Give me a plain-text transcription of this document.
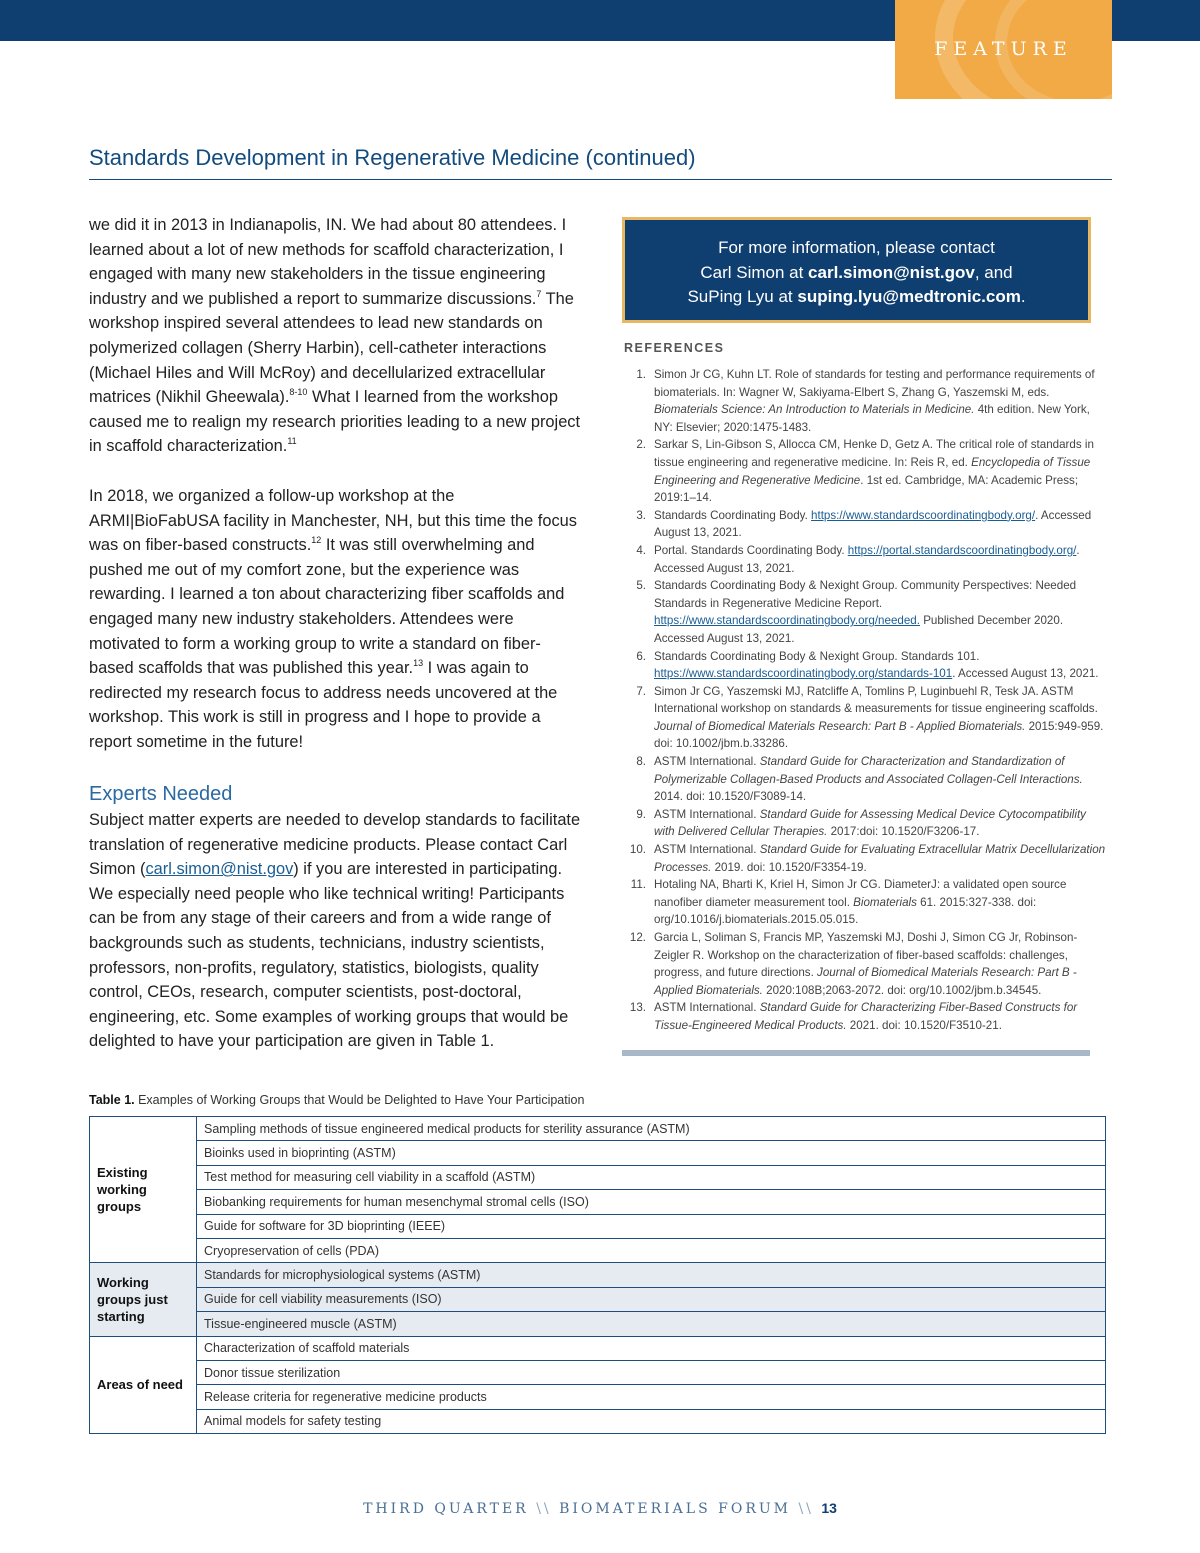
FEATURE
Standards Development in Regenerative Medicine (continued)
we did it in 2013 in Indianapolis, IN. We had about 80 attendees. I learned about a lot of new methods for scaffold characterization, I engaged with many new stakeholders in the tissue engineering industry and we published a report to summarize discussions.$^7$ The workshop inspired several attendees to lead new standards on polymerized collagen (Sherry Harbin), cell-catheter interactions (Michael Hiles and Will McRoy) and decellularized extracellular matrices (Nikhil Gheewala).$^{8-10}$ What I learned from the workshop caused me to realign my research priorities leading to a new project in scaffold characterization.$^{11}$
In 2018, we organized a follow-up workshop at the ARMI|BioFabUSA facility in Manchester, NH, but this time the focus was on fiber-based constructs.$^{12}$ It was still overwhelming and pushed me out of my comfort zone, but the experience was rewarding. I learned a ton about characterizing fiber scaffolds and engaged many new industry stakeholders. Attendees were motivated to form a working group to write a standard on fiber-based scaffolds that was published this year.$^{13}$ I was again to redirected my research focus to address needs uncovered at the workshop. This work is still in progress and I hope to provide a report sometime in the future!
Experts Needed
Subject matter experts are needed to develop standards to facilitate translation of regenerative medicine products. Please contact Carl Simon (carl.simon@nist.gov) if you are interested in participating. We especially need people who like technical writing! Participants can be from any stage of their careers and from a wide range of backgrounds such as students, technicians, industry scientists, professors, non-profits, regulatory, statistics, biologists, quality control, CEOs, research, computer scientists, post-doctoral, engineering, etc. Some examples of working groups that would be delighted to have your participation are given in Table 1.
For more information, please contact
Carl Simon at carl.simon@nist.gov, and
SuPing Lyu at suping.lyu@medtronic.com.
REFERENCES
1. Simon Jr CG, Kuhn LT. Role of standards for testing and performance requirements of biomaterials. In: Wagner W, Sakiyama-Elbert S, Zhang G, Yaszemski M, eds. Biomaterials Science: An Introduction to Materials in Medicine. 4th edition. New York, NY: Elsevier; 2020:1475-1483.
2. Sarkar S, Lin-Gibson S, Allocca CM, Henke D, Getz A. The critical role of standards in tissue engineering and regenerative medicine. In: Reis R, ed. Encyclopedia of Tissue Engineering and Regenerative Medicine. 1st ed. Cambridge, MA: Academic Press; 2019:1–14.
3. Standards Coordinating Body. https://www.standardscoordinatingbody.org/. Accessed August 13, 2021.
4. Portal. Standards Coordinating Body. https://portal.standardscoordinatingbody.org/. Accessed August 13, 2021.
5. Standards Coordinating Body & Nexight Group. Community Perspectives: Needed Standards in Regenerative Medicine Report. https://www.standardscoordinatingbody.org/needed. Published December 2020. Accessed August 13, 2021.
6. Standards Coordinating Body & Nexight Group. Standards 101. https://www.standardscoordinatingbody.org/standards-101. Accessed August 13, 2021.
7. Simon Jr CG, Yaszemski MJ, Ratcliffe A, Tomlins P, Luginbuehl R, Tesk JA. ASTM International workshop on standards & measurements for tissue engineering scaffolds. Journal of Biomedical Materials Research: Part B - Applied Biomaterials. 2015:949-959. doi: 10.1002/jbm.b.33286.
8. ASTM International. Standard Guide for Characterization and Standardization of Polymerizable Collagen-Based Products and Associated Collagen-Cell Interactions. 2014. doi: 10.1520/F3089-14.
9. ASTM International. Standard Guide for Assessing Medical Device Cytocompatibility with Delivered Cellular Therapies. 2017:doi: 10.1520/F3206-17.
10. ASTM International. Standard Guide for Evaluating Extracellular Matrix Decellularization Processes. 2019. doi: 10.1520/F3354-19.
11. Hotaling NA, Bharti K, Kriel H, Simon Jr CG. DiameterJ: a validated open source nanofiber diameter measurement tool. Biomaterials 61. 2015:327-338. doi: org/10.1016/j.biomaterials.2015.05.015.
12. Garcia L, Soliman S, Francis MP, Yaszemski MJ, Doshi J, Simon CG Jr, Robinson-Zeigler R. Workshop on the characterization of fiber-based scaffolds: challenges, progress, and future directions. Journal of Biomedical Materials Research: Part B - Applied Biomaterials. 2020:108B;2063-2072. doi: org/10.1002/jbm.b.34545.
13. ASTM International. Standard Guide for Characterizing Fiber-Based Constructs for Tissue-Engineered Medical Products. 2021. doi: 10.1520/F3510-21.
Table 1. Examples of Working Groups that Would be Delighted to Have Your Participation
Existing working groups	Sampling methods of tissue engineered medical products for sterility assurance (ASTM)
	Bioinks used in bioprinting (ASTM)
	Test method for measuring cell viability in a scaffold (ASTM)
	Biobanking requirements for human mesenchymal stromal cells (ISO)
	Guide for software for 3D bioprinting (IEEE)
	Cryopreservation of cells (PDA)
Working groups just starting	Standards for microphysiological systems (ASTM)
	Guide for cell viability measurements (ISO)
	Tissue-engineered muscle (ASTM)
Areas of need	Characterization of scaffold materials
	Donor tissue sterilization
	Release criteria for regenerative medicine products
	Animal models for safety testing
THIRD QUARTER \\ BIOMATERIALS FORUM \\ 13
